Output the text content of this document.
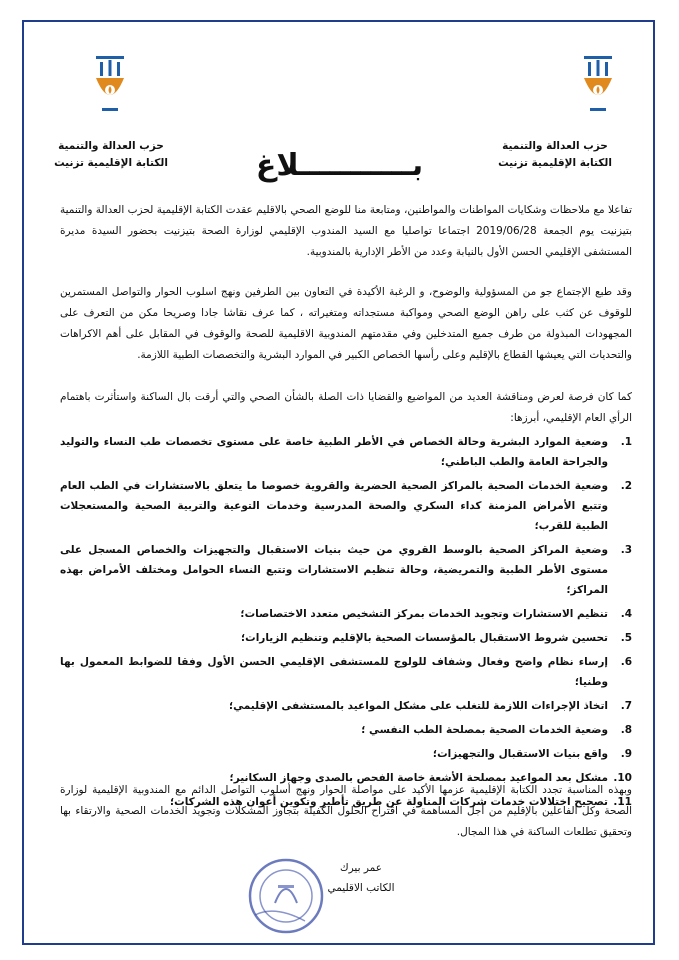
حزب العدالة والتنمية
الكتابة الإقليمية تزنيت
حزب العدالة والتنمية
الكتابة الإقليمية تزنيت	بـــــــــــلاغ

تفاعلا مع ملاحظات وشكايات المواطنات والمواطنين، ومتابعة منا للوضع الصحي بالاقليم عقدت الكتابة الإقليمية لحزب العدالة والتنمية بتيزنيت يوم الجمعة 2019/06/28 اجتماعا تواصليا مع السيد المندوب الإقليمي لوزارة الصحة بتيزنيت بحضور السيدة مديرة المستشفى الإقليمي الحسن الأول بالنيابة وعدد من الأطر الإدارية بالمندوبية.

وقد طبع الإجتماع جو من المسؤولية والوضوح، و الرغبة الأكيدة في التعاون بين الطرفين ونهج اسلوب الحوار والتواصل المستمرين للوقوف عن كثب على راهن الوضع الصحي ومواكبة مستجداته ومتغيراته ، كما عرف نقاشا جادا وصريحا مكن من التعرف على المجهودات المبذولة من طرف جميع المتدخلين وفي مقدمتهم المندوبية الاقليمية للصحة والوقوف في المقابل على أهم الاكراهات والتحديات التي يعيشها القطاع بالإقليم وعلى رأسها الخصاص الكبير في الموارد البشرية والتخصصات الطبية اللازمة.

كما كان فرصة لعرض ومناقشة العديد من المواضيع والقضايا ذات الصلة بالشأن الصحي والتي أرقت بال الساكنة واستأثرت باهتمام الرأي العام الإقليمي، أبرزها:

1.
وضعية الموارد البشرية وحالة الخصاص في الأطر الطبية خاصة على مستوى تخصصات طب النساء والتوليد والجراحة العامة والطب الباطني؛
2.
وضعية الخدمات الصحية بالمراكز الصحية الحضرية والقروية خصوصا ما يتعلق بالاستشارات في الطب العام وتتبع الأمراض المزمنة كداء السكري والصحة المدرسية وخدمات التوعية والتربية الصحية والمستعجلات الطبية للقرب؛
3.
وضعية المراكز الصحية بالوسط القروي من حيث بنيات الاستقبال والتجهيزات والخصاص المسجل على مستوى الأطر الطبية والتمريضية، وحالة تنظيم الاستشارات وتتبع النساء الحوامل ومختلف الأمراض بهذه المراكز؛
4.
تنظيم الاستشارات وتجويد الخدمات بمركز التشخيص متعدد الاختصاصات؛
5.
تحسين شروط الاستقبال بالمؤسسات الصحية بالإقليم وتنظيم الزيارات؛
6.
إرساء نظام واضح وفعال وشفاف للولوج للمستشفى الإقليمي الحسن الأول وفقا للضوابط المعمول بها وطنيا؛
7.
اتخاذ الإجراءات اللازمة للتغلب على مشكل المواعيد بالمستشفى الإقليمي؛
8.
وضعية الخدمات الصحية بمصلحة الطب النفسي ؛
9.
واقع بنيات الاستقبال والتجهيزات؛
10.
مشكل بعد المواعيد بمصلحة الأشعة خاصة الفحص بالصدى وجهاز السكانير؛
11.
تصحيح اختلالات خدمات شركات المناولة عن طريق تأطير وتكوين أعوان هذه الشركات؛

وبهذه المناسبة تجدد الكتابة الإقليمية عزمها الأكيد على مواصلة الحوار ونهج أسلوب التواصل الدائم مع المندوبية الإقليمية لوزارة الصحة وكل الفاعلين بالإقليم من أجل المساهمة في اقتراح الحلول الكفيلة بتجاوز المشكلات وتجويد الخدمات الصحية والارتقاء بها وتحقيق تطلعات الساكنة في هذا المجال.

عمر بيرك
الكاتب الاقليمي
